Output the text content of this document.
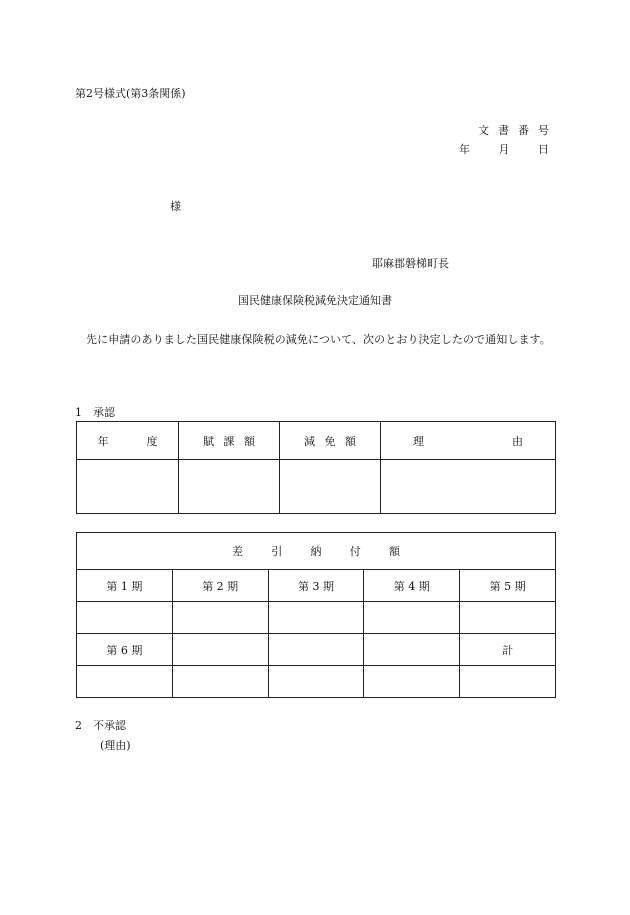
第2号様式(第3条関係)
文書番号
年	月	日
様
耶麻郡磐梯町長
国民健康保険税減免決定通知書
先に申請のありました国民健康保険税の減免について、次のとおり決定したので通知します。
1　承認
年 度	賦 課 額	減 免 額	理 由

差 引 納 付 額				

第 1 期	第 2 期	第 3 期	第 4 期	第 5 期

第 6 期				計

2　不承認
(理由)
